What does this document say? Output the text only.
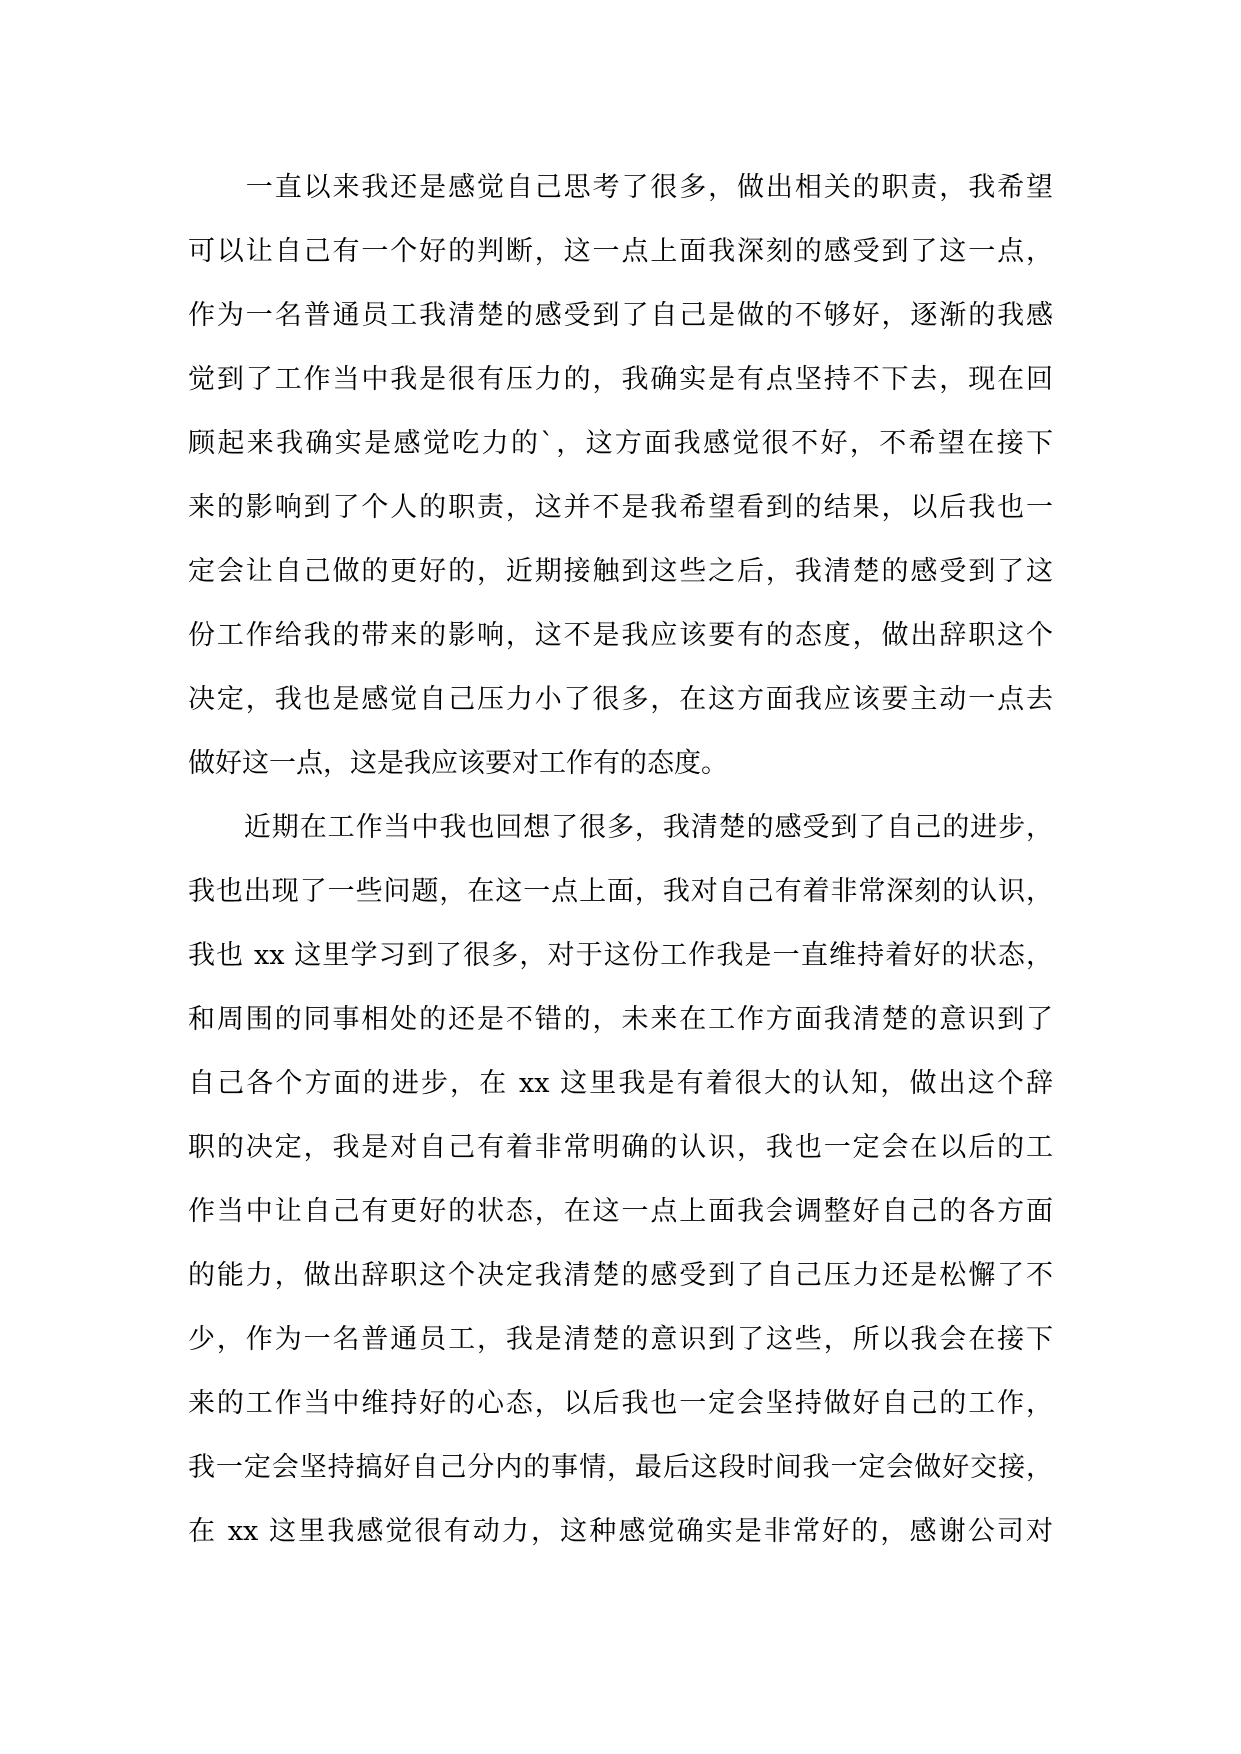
　　一直以来我还是感觉自己思考了很多，做出相关的职责，我希望
可以让自己有一个好的判断，这一点上面我深刻的感受到了这一点，
作为一名普通员工我清楚的感受到了自己是做的不够好，逐渐的我感
觉到了工作当中我是很有压力的，我确实是有点坚持不下去，现在回
顾起来我确实是感觉吃力的`，这方面我感觉很不好，不希望在接下
来的影响到了个人的职责，这并不是我希望看到的结果，以后我也一
定会让自己做的更好的，近期接触到这些之后，我清楚的感受到了这
份工作给我的带来的影响，这不是我应该要有的态度，做出辞职这个
决定，我也是感觉自己压力小了很多，在这方面我应该要主动一点去
做好这一点，这是我应该要对工作有的态度。
　　近期在工作当中我也回想了很多，我清楚的感受到了自己的进步，
我也出现了一些问题，在这一点上面，我对自己有着非常深刻的认识，
我也 xx 这里学习到了很多，对于这份工作我是一直维持着好的状态，
和周围的同事相处的还是不错的，未来在工作方面我清楚的意识到了
自己各个方面的进步，在 xx 这里我是有着很大的认知，做出这个辞
职的决定，我是对自己有着非常明确的认识，我也一定会在以后的工
作当中让自己有更好的状态，在这一点上面我会调整好自己的各方面
的能力，做出辞职这个决定我清楚的感受到了自己压力还是松懈了不
少，作为一名普通员工，我是清楚的意识到了这些，所以我会在接下
来的工作当中维持好的心态，以后我也一定会坚持做好自己的工作，
我一定会坚持搞好自己分内的事情，最后这段时间我一定会做好交接，
在 xx 这里我感觉很有动力，这种感觉确实是非常好的，感谢公司对
